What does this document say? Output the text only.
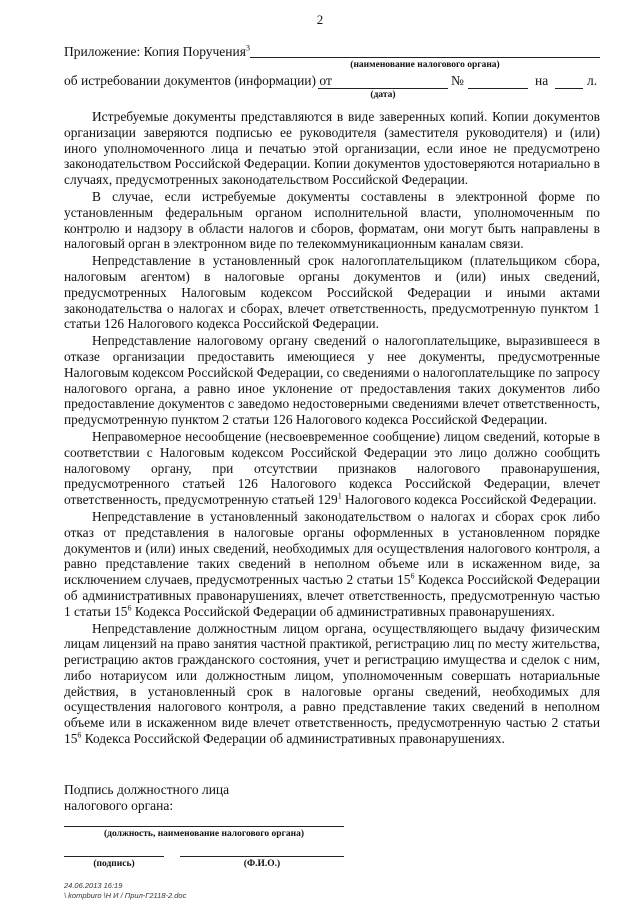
2
Приложение: Копия Поручения$^3$
(наименование налогового органа)
об истребовании документов (информации) от	№	на	л.
(дата)

Истребуемые документы представляются в виде заверенных копий. Копии документов организации заверяются подписью ее руководителя (заместителя руководителя) и (или) иного уполномоченного лица и печатью этой организации, если иное не предусмотрено законодательством Российской Федерации. Копии документов удостоверяются нотариально в случаях, предусмотренных законодательством Российской Федерации.

В случае, если истребуемые документы составлены в электронной форме по установленным федеральным органом исполнительной власти, уполномоченным по контролю и надзору в области налогов и сборов, форматам, они могут быть направлены в налоговый орган в электронном виде по телекоммуникационным каналам связи.

Непредставление в установленный срок налогоплательщиком (плательщиком сбора, налоговым агентом) в налоговые органы документов и (или) иных сведений, предусмотренных Налоговым кодексом Российской Федерации и иными актами законодательства о налогах и сборах, влечет ответственность, предусмотренную пунктом 1 статьи 126 Налогового кодекса Российской Федерации.

Непредставление налоговому органу сведений о налогоплательщике, выразившееся в отказе организации предоставить имеющиеся у нее документы, предусмотренные Налоговым кодексом Российской Федерации, со сведениями о налогоплательщике по запросу налогового органа, а равно иное уклонение от предоставления таких документов либо предоставление документов с заведомо недостоверными сведениями влечет ответственность, предусмотренную пунктом 2 статьи 126 Налогового кодекса Российской Федерации.

Неправомерное несообщение (несвоевременное сообщение) лицом сведений, которые в соответствии с Налоговым кодексом Российской Федерации это лицо должно сообщить налоговому органу, при отсутствии признаков налогового правонарушения, предусмотренного статьей 126 Налогового кодекса Российской Федерации, влечет ответственность, предусмотренную статьей $129^1$ Налогового кодекса Российской Федерации.

Непредставление в установленный законодательством о налогах и сборах срок либо отказ от представления в налоговые органы оформленных в установленном порядке документов и (или) иных сведений, необходимых для осуществления налогового контроля, а равно представление таких сведений в неполном объеме или в искаженном виде, за исключением случаев, предусмотренных частью 2 статьи $15^6$ Кодекса Российской Федерации об административных правонарушениях, влечет ответственность, предусмотренную частью 1 статьи $15^6$ Кодекса Российской Федерации об административных правонарушениях.

Непредставление должностным лицом органа, осуществляющего выдачу физическим лицам лицензий на право занятия частной практикой, регистрацию лиц по месту жительства, регистрацию актов гражданского состояния, учет и регистрацию имущества и сделок с ним, либо нотариусом или должностным лицом, уполномоченным совершать нотариальные действия, в установленный срок в налоговые органы сведений, необходимых для осуществления налогового контроля, а равно представление таких сведений в неполном объеме или в искаженном виде влечет ответственность, предусмотренную частью 2 статьи $15^6$ Кодекса Российской Федерации об административных правонарушениях.

Подпись должностного лица
налогового органа:
(должность, наименование налогового органа)
(подпись)	(Ф.И.О.)
24.06.2013 16:19
\ kompburo \Н И / Прил-Г2118-2.doc
